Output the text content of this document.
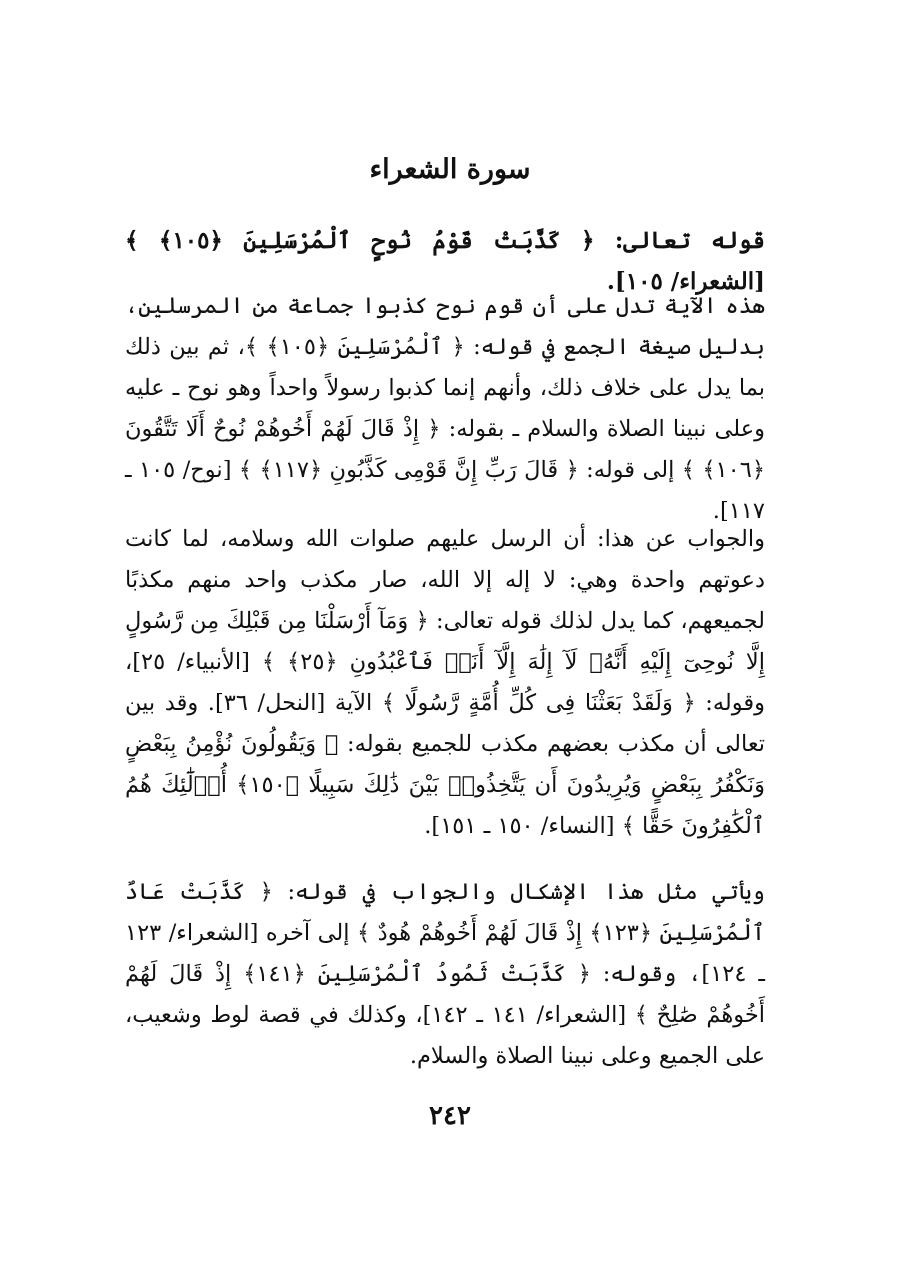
سورة الشعراء

قوله تعالى: ﴿ كَذَّبَتْ قَوْمُ نُوحٍ ٱلْمُرْسَلِينَ ﴿١٠٥﴾ ﴾ [الشعراء/ ١٠٥].

هذه الآية تدل على أن قوم نوح كذبوا جماعة من المرسلين، بدليل صيغة الجمع في قوله: ﴿ ٱلْمُرْسَلِينَ ﴿١٠٥﴾ ﴾، ثم بين ذلك بما يدل على خلاف ذلك، وأنهم إنما كذبوا رسولاً واحداً وهو نوح ـ عليه وعلى نبينا الصلاة والسلام ـ بقوله: ﴿ إِذْ قَالَ لَهُمْ أَخُوهُمْ نُوحٌ أَلَا تَتَّقُونَ ﴿١٠٦﴾ ﴾ إلى قوله: ﴿ قَالَ رَبِّ إِنَّ قَوْمِى كَذَّبُونِ ﴿١١٧﴾ ﴾ [نوح/ ١٠٥ ـ ١١٧].

والجواب عن هذا: أن الرسل عليهم صلوات الله وسلامه، لما كانت دعوتهم واحدة وهي: لا إله إلا الله، صار مكذب واحد منهم مكذبًا لجميعهم، كما يدل لذلك قوله تعالى: ﴿ وَمَآ أَرْسَلْنَا مِن قَبْلِكَ مِن رَّسُولٍ إِلَّا نُوحِىٓ إِلَيْهِ أَنَّهُۥ لَآ إِلَٰهَ إِلَّآ أَنَا۠ فَٱعْبُدُونِ ﴿٢٥﴾ ﴾ [الأنبياء/ ٢٥]، وقوله: ﴿ وَلَقَدْ بَعَثْنَا فِى كُلِّ أُمَّةٍ رَّسُولًا ﴾ الآية [النحل/ ٣٦]. وقد بين تعالى أن مكذب بعضهم مكذب للجميع بقوله: ﴿ وَيَقُولُونَ نُؤْمِنُ بِبَعْضٍ وَنَكْفُرُ بِبَعْضٍ وَيُرِيدُونَ أَن يَتَّخِذُوا۟ بَيْنَ ذَٰلِكَ سَبِيلًا ﴿١٥٠﴾ أُو۟لَٰٓئِكَ هُمُ ٱلْكَٰفِرُونَ حَقًّا ﴾ [النساء/ ١٥٠ ـ ١٥١].

ويأتي مثل هذا الإشكال والجواب في قوله: ﴿ كَذَّبَتْ عَادٌ ٱلْمُرْسَلِينَ ﴿١٢٣﴾ إِذْ قَالَ لَهُمْ أَخُوهُمْ هُودٌ ﴾ إلى آخره [الشعراء/ ١٢٣ ـ ١٢٤]، وقوله: ﴿ كَذَّبَتْ ثَمُودُ ٱلْمُرْسَلِينَ ﴿١٤١﴾ إِذْ قَالَ لَهُمْ أَخُوهُمْ صَٰلِحٌ ﴾ [الشعراء/ ١٤١ ـ ١٤٢]، وكذلك في قصة لوط وشعيب، على الجميع وعلى نبينا الصلاة والسلام.

٢٤٢
